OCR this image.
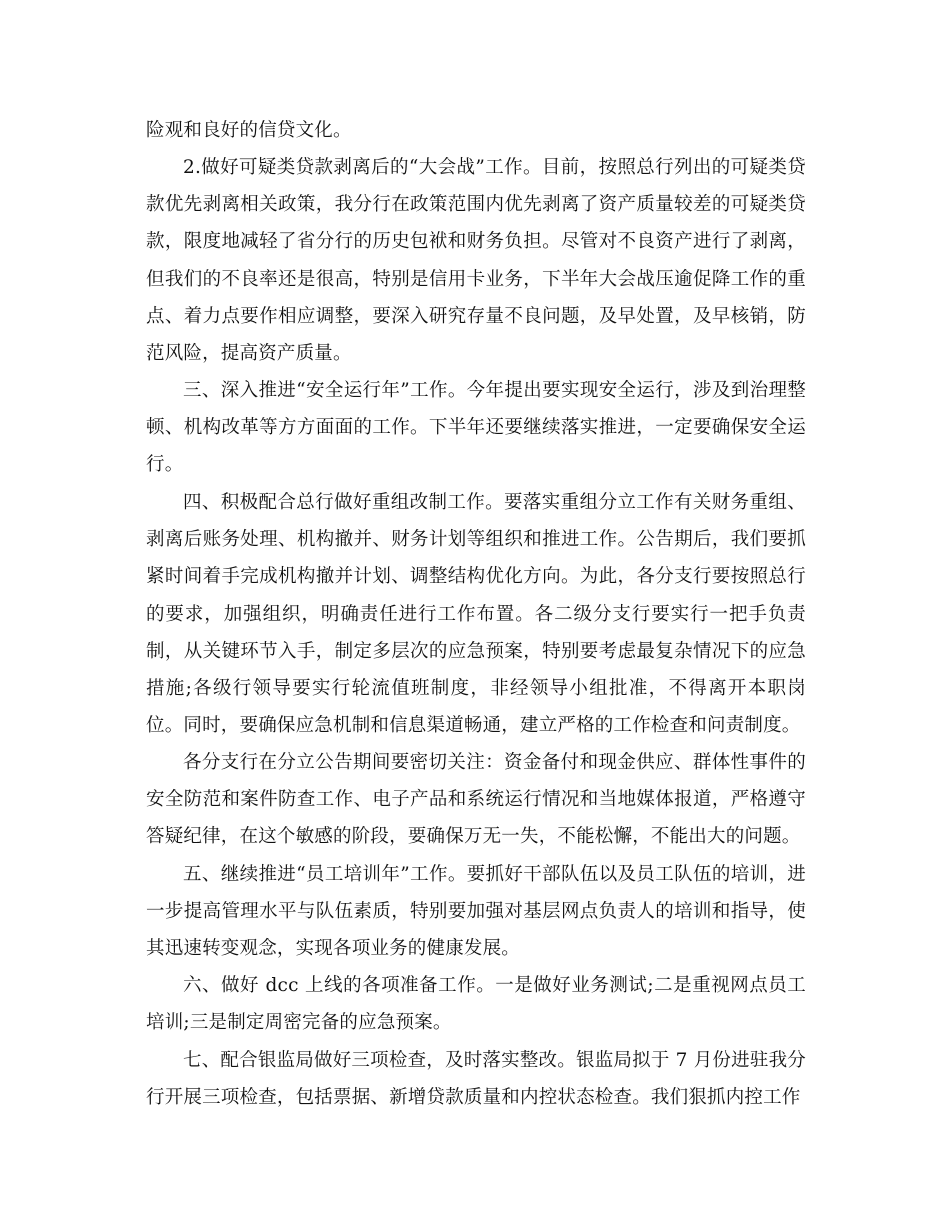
险观和良好的信贷文化。

2.做好可疑类贷款剥离后的“大会战”工作。目前，按照总行列出的可疑类贷款优先剥离相关政策，我分行在政策范围内优先剥离了资产质量较差的可疑类贷款，限度地减轻了省分行的历史包袱和财务负担。尽管对不良资产进行了剥离，但我们的不良率还是很高，特别是信用卡业务，下半年大会战压逾促降工作的重点、着力点要作相应调整，要深入研究存量不良问题，及早处置，及早核销，防范风险，提高资产质量。

三、深入推进“安全运行年”工作。今年提出要实现安全运行，涉及到治理整顿、机构改革等方方面面的工作。下半年还要继续落实推进，一定要确保安全运行。

四、积极配合总行做好重组改制工作。要落实重组分立工作有关财务重组、剥离后账务处理、机构撤并、财务计划等组织和推进工作。公告期后，我们要抓紧时间着手完成机构撤并计划、调整结构优化方向。为此，各分支行要按照总行的要求，加强组织，明确责任进行工作布置。各二级分支行要实行一把手负责制，从关键环节入手，制定多层次的应急预案，特别要考虑最复杂情况下的应急措施;各级行领导要实行轮流值班制度，非经领导小组批准，不得离开本职岗位。同时，要确保应急机制和信息渠道畅通，建立严格的工作检查和问责制度。

各分支行在分立公告期间要密切关注：资金备付和现金供应、群体性事件的安全防范和案件防查工作、电子产品和系统运行情况和当地媒体报道，严格遵守答疑纪律，在这个敏感的阶段，要确保万无一失，不能松懈，不能出大的问题。

五、继续推进“员工培训年”工作。要抓好干部队伍以及员工队伍的培训，进一步提高管理水平与队伍素质，特别要加强对基层网点负责人的培训和指导，使其迅速转变观念，实现各项业务的健康发展。

六、做好 dcc 上线的各项准备工作。一是做好业务测试;二是重视网点员工培训;三是制定周密完备的应急预案。

七、配合银监局做好三项检查，及时落实整改。银监局拟于 7 月份进驻我分行开展三项检查，包括票据、新增贷款质量和内控状态检查。我们狠抓内控工作
